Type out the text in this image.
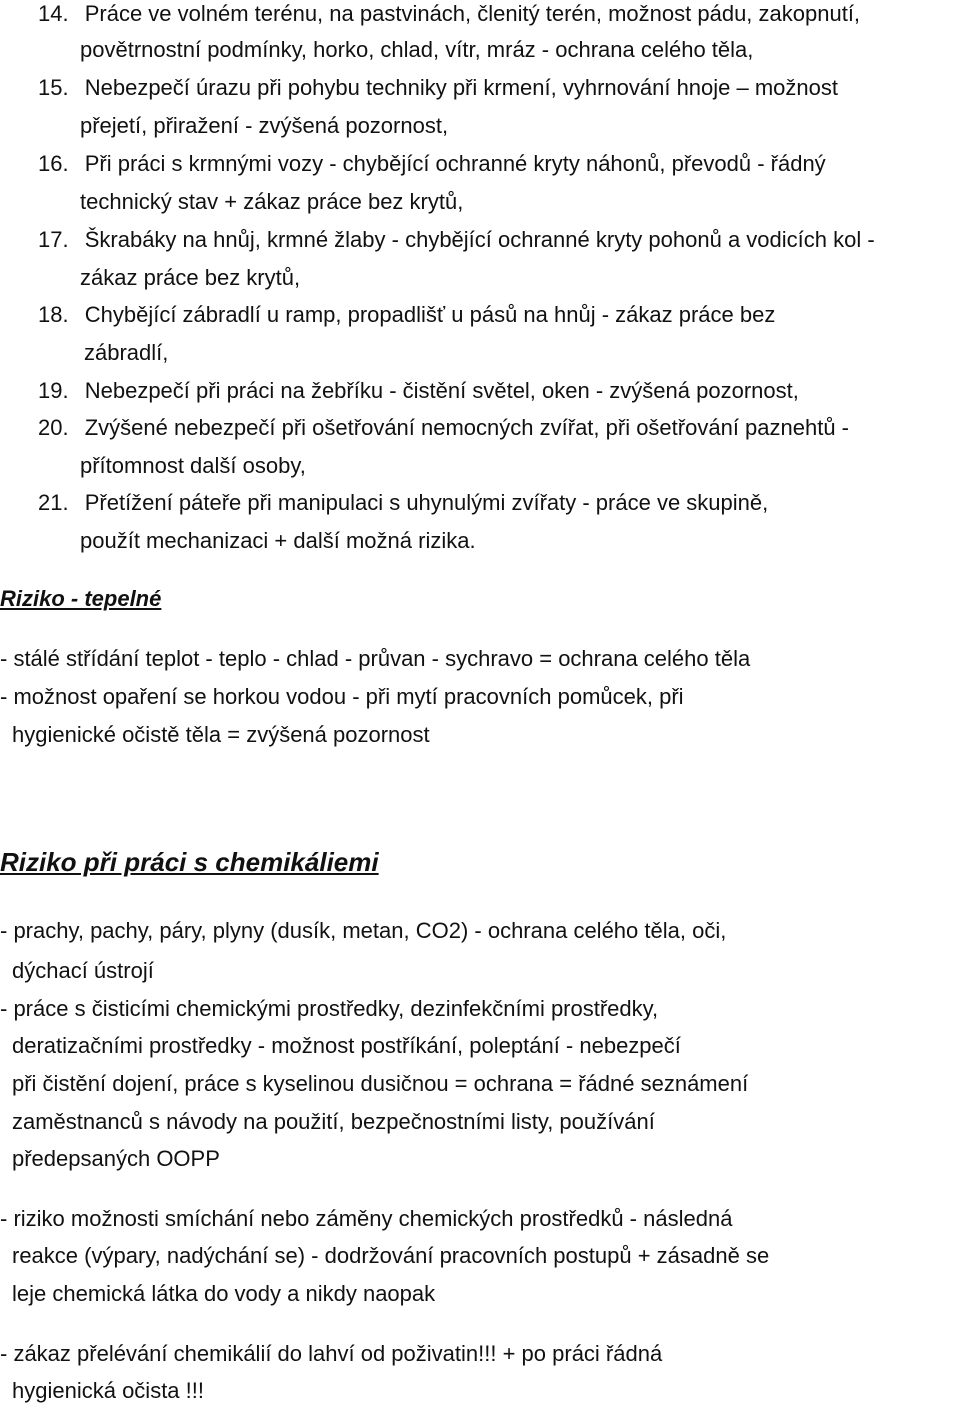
14. Práce ve volném terénu, na pastvinách, členitý terén, možnost pádu, zakopnutí,
povětrnostní podmínky, horko, chlad, vítr, mráz - ochrana celého těla,
15. Nebezpečí úrazu při pohybu techniky při krmení, vyhrnování hnoje – možnost
přejetí, přiražení - zvýšená pozornost,
16. Při práci s krmnými vozy - chybějící ochranné kryty náhonů, převodů - řádný
technický stav + zákaz práce bez krytů,
17. Škrabáky na hnůj, krmné žlaby - chybějící ochranné kryty pohonů a vodicích kol -
zákaz práce bez krytů,
18. Chybějící zábradlí u ramp, propadlišť u pásů na hnůj - zákaz práce bez
zábradlí,
19. Nebezpečí při práci na žebříku - čistění světel, oken - zvýšená pozornost,
20. Zvýšené nebezpečí při ošetřování nemocných zvířat, při ošetřování paznehtů -
přítomnost další osoby,
21. Přetížení páteře při manipulaci s uhynulými zvířaty - práce ve skupině,
použít mechanizaci + další možná rizika.
Riziko - tepelné
- stálé střídání teplot - teplo - chlad - průvan - sychravo = ochrana celého těla
- možnost opaření se horkou vodou - při mytí pracovních pomůcek, při
hygienické očistě těla = zvýšená pozornost
Riziko při práci s chemikáliemi
- prachy, pachy, páry, plyny (dusík, metan, CO2) - ochrana celého těla, oči,
dýchací ústrojí
- práce s čisticími chemickými prostředky, dezinfekčními prostředky,
deratizačními prostředky - možnost postříkání, poleptání - nebezpečí
při čistění dojení, práce s kyselinou dusičnou = ochrana = řádné seznámení
zaměstnanců s návody na použití, bezpečnostními listy, používání
předepsaných OOPP
- riziko možnosti smíchání nebo záměny chemických prostředků - následná
reakce (výpary, nadýchání se) - dodržování pracovních postupů + zásadně se
leje chemická látka do vody a nikdy naopak
- zákaz přelévání chemikálií do lahví od poživatin!!! + po práci řádná
hygienická očista !!!
